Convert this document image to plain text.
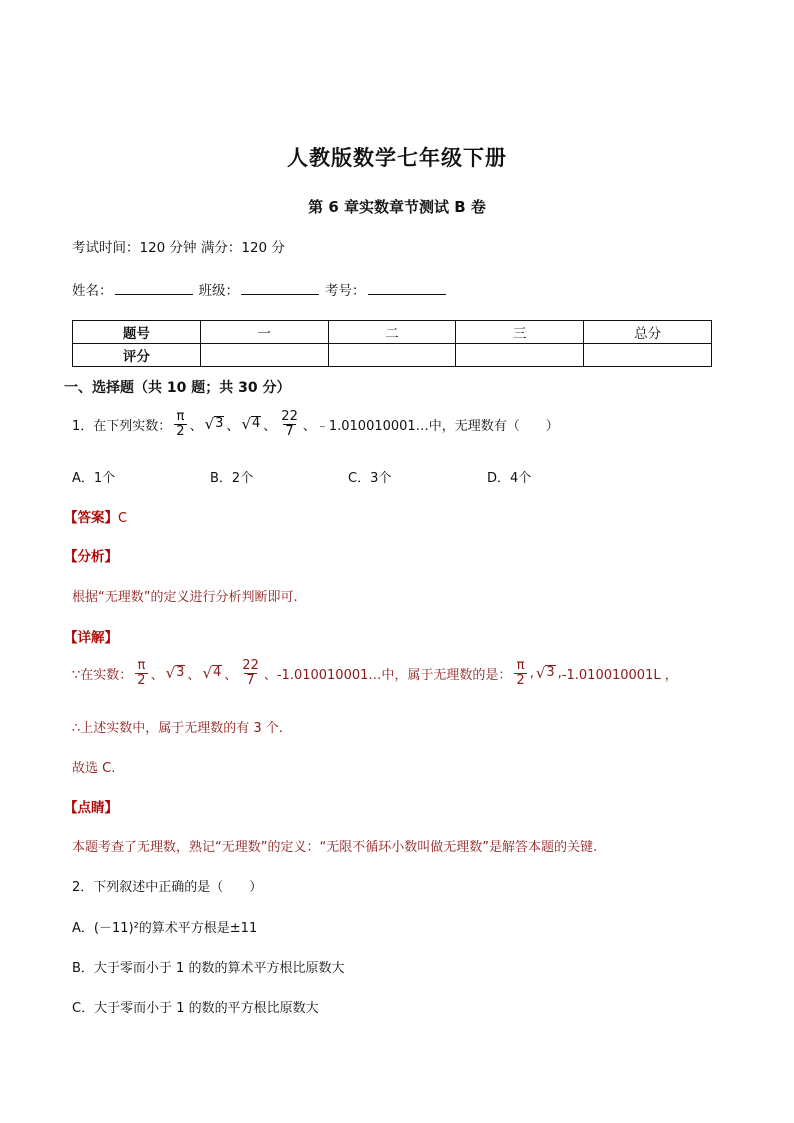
人教版数学七年级下册
第 6 章实数章节测试 B 卷
考试时间：120 分钟 满分：120 分
姓名：	班级：	考号：
题号	一	二	三	总分
评分				
一、选择题（共 10 题；共 30 分）
1．在下列实数： $\frac{\pi}{2}$ 、 √ 3 、 √ 4 、 $\frac{22}{7}$ 、 ﹣1.010010001…中，无理数有（　　）
A．1个	B．2个	C．3个	D．4个
【答案】C
【分析】
根据“无理数”的定义进行分析判断即可.
【详解】
∵在实数： $\frac{\pi}{2}$ 、 √ 3 、 √ 4 、 $\frac{22}{7}$ 、 -1.010010001…中，属于无理数的是： $\frac{\pi}{2}$ , √ 3 , -1.010010001L ，
∴上述实数中，属于无理数的有 3 个.
故选 C.
【点睛】
本题考查了无理数，熟记“无理数”的定义：“无限不循环小数叫做无理数”是解答本题的关键.
2．下列叙述中正确的是（　　）
A．(－11)²的算术平方根是±11
B．大于零而小于 1 的数的算术平方根比原数大
C．大于零而小于 1 的数的平方根比原数大
